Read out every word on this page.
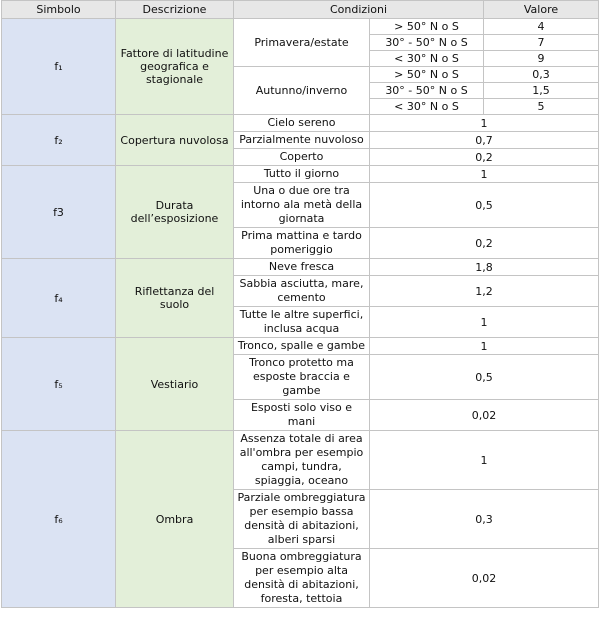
Simbolo	Descrizione	Condizioni		Valore
f₁	Fattore di latitudine geografica e stagionale	Primavera/estate	> 50° N o S	4
			30° - 50° N o S	7
			< 30° N o S	9
		Autunno/inverno	> 50° N o S	0,3
			30° - 50° N o S	1,5
			< 30° N o S	5
f₂	Copertura nuvolosa	Cielo sereno	1	
		Parzialmente nuvoloso	0,7	
		Coperto	0,2	
f3	Durata dell’esposizione	Tutto il giorno	1	
		Una o due ore tra intorno ala metà della giornata	0,5	
		Prima mattina e tardo pomeriggio	0,2	
f₄	Riflettanza del suolo	Neve fresca	1,8	
		Sabbia asciutta, mare, cemento	1,2	
		Tutte le altre superfici, inclusa acqua	1	
f₅	Vestiario	Tronco, spalle e gambe	1	
		Tronco protetto ma esposte braccia e gambe	0,5	
		Esposti solo viso e mani	0,02	
f₆	Ombra	Assenza totale di area all'ombra per esempio campi, tundra, spiaggia, oceano	1	
		Parziale ombreggiatura per esempio bassa densità di abitazioni, alberi sparsi	0,3	
		Buona ombreggiatura per esempio alta densità di abitazioni, foresta, tettoia	0,02	
